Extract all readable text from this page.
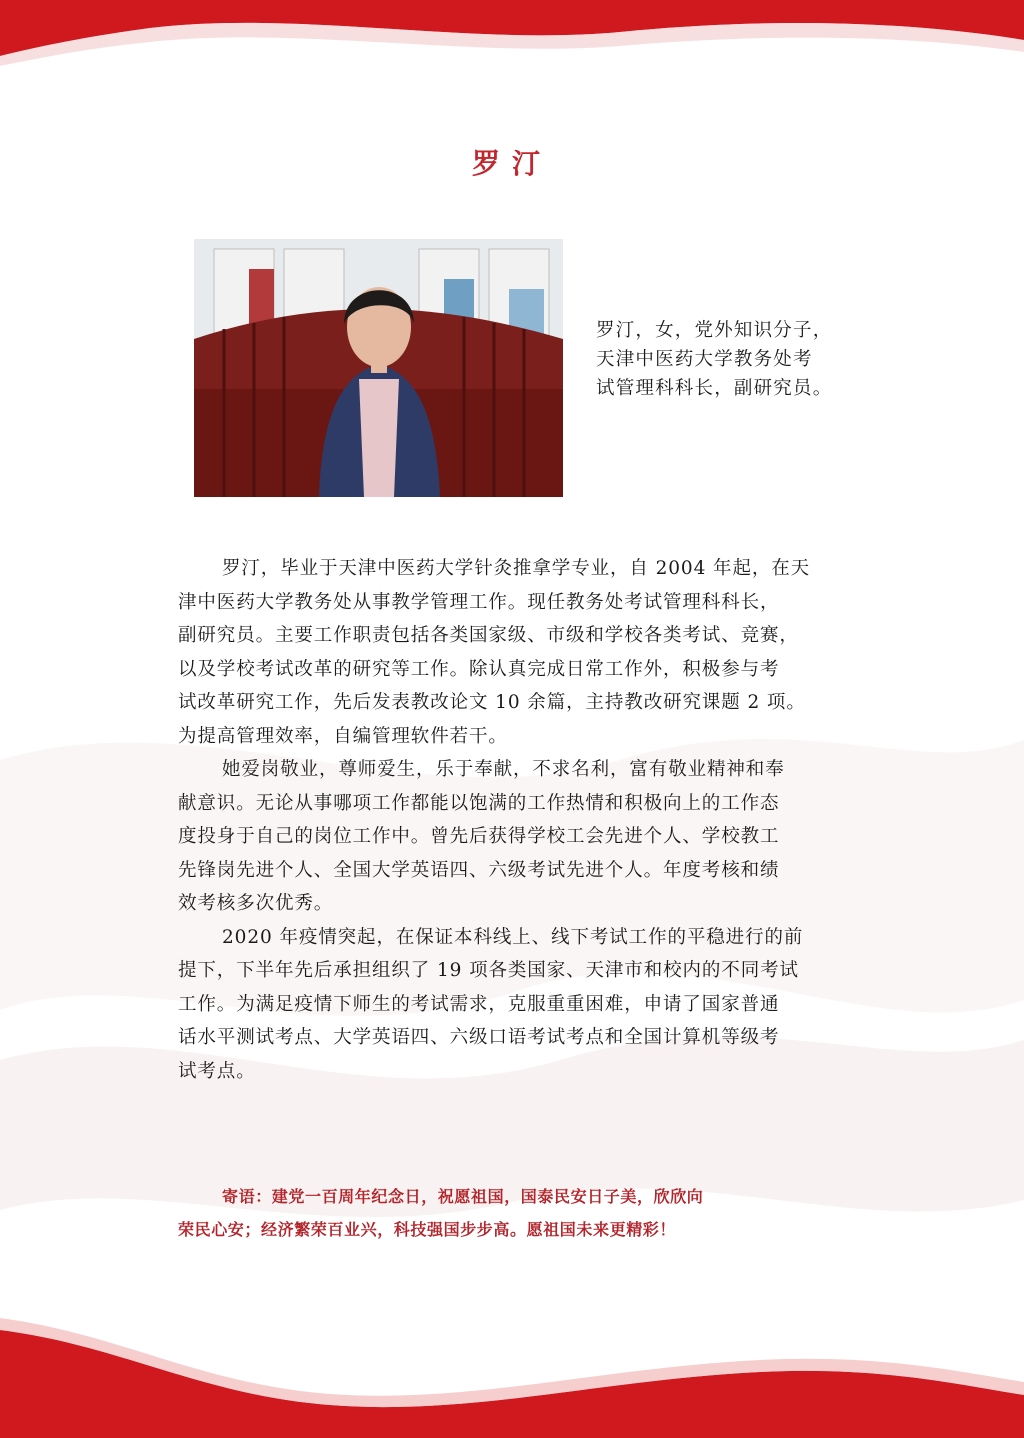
罗汀
罗汀，女，党外知识分子，
天津中医药大学教务处考
试管理科科长，副研究员。
罗汀，毕业于天津中医药大学针灸推拿学专业，自 2004 年起，在天
津中医药大学教务处从事教学管理工作。现任教务处考试管理科科长，
副研究员。主要工作职责包括各类国家级、市级和学校各类考试、竞赛，
以及学校考试改革的研究等工作。除认真完成日常工作外，积极参与考
试改革研究工作，先后发表教改论文 10 余篇，主持教改研究课题 2 项。
为提高管理效率，自编管理软件若干。
她爱岗敬业，尊师爱生，乐于奉献，不求名利，富有敬业精神和奉
献意识。无论从事哪项工作都能以饱满的工作热情和积极向上的工作态
度投身于自己的岗位工作中。曾先后获得学校工会先进个人、学校教工
先锋岗先进个人、全国大学英语四、六级考试先进个人。年度考核和绩
效考核多次优秀。
2020 年疫情突起，在保证本科线上、线下考试工作的平稳进行的前
提下，下半年先后承担组织了 19 项各类国家、天津市和校内的不同考试
工作。为满足疫情下师生的考试需求，克服重重困难，申请了国家普通
话水平测试考点、大学英语四、六级口语考试考点和全国计算机等级考
试考点。
寄语：建党一百周年纪念日，祝愿祖国，国泰民安日子美，欣欣向
荣民心安；经济繁荣百业兴，科技强国步步高。愿祖国未来更精彩！
